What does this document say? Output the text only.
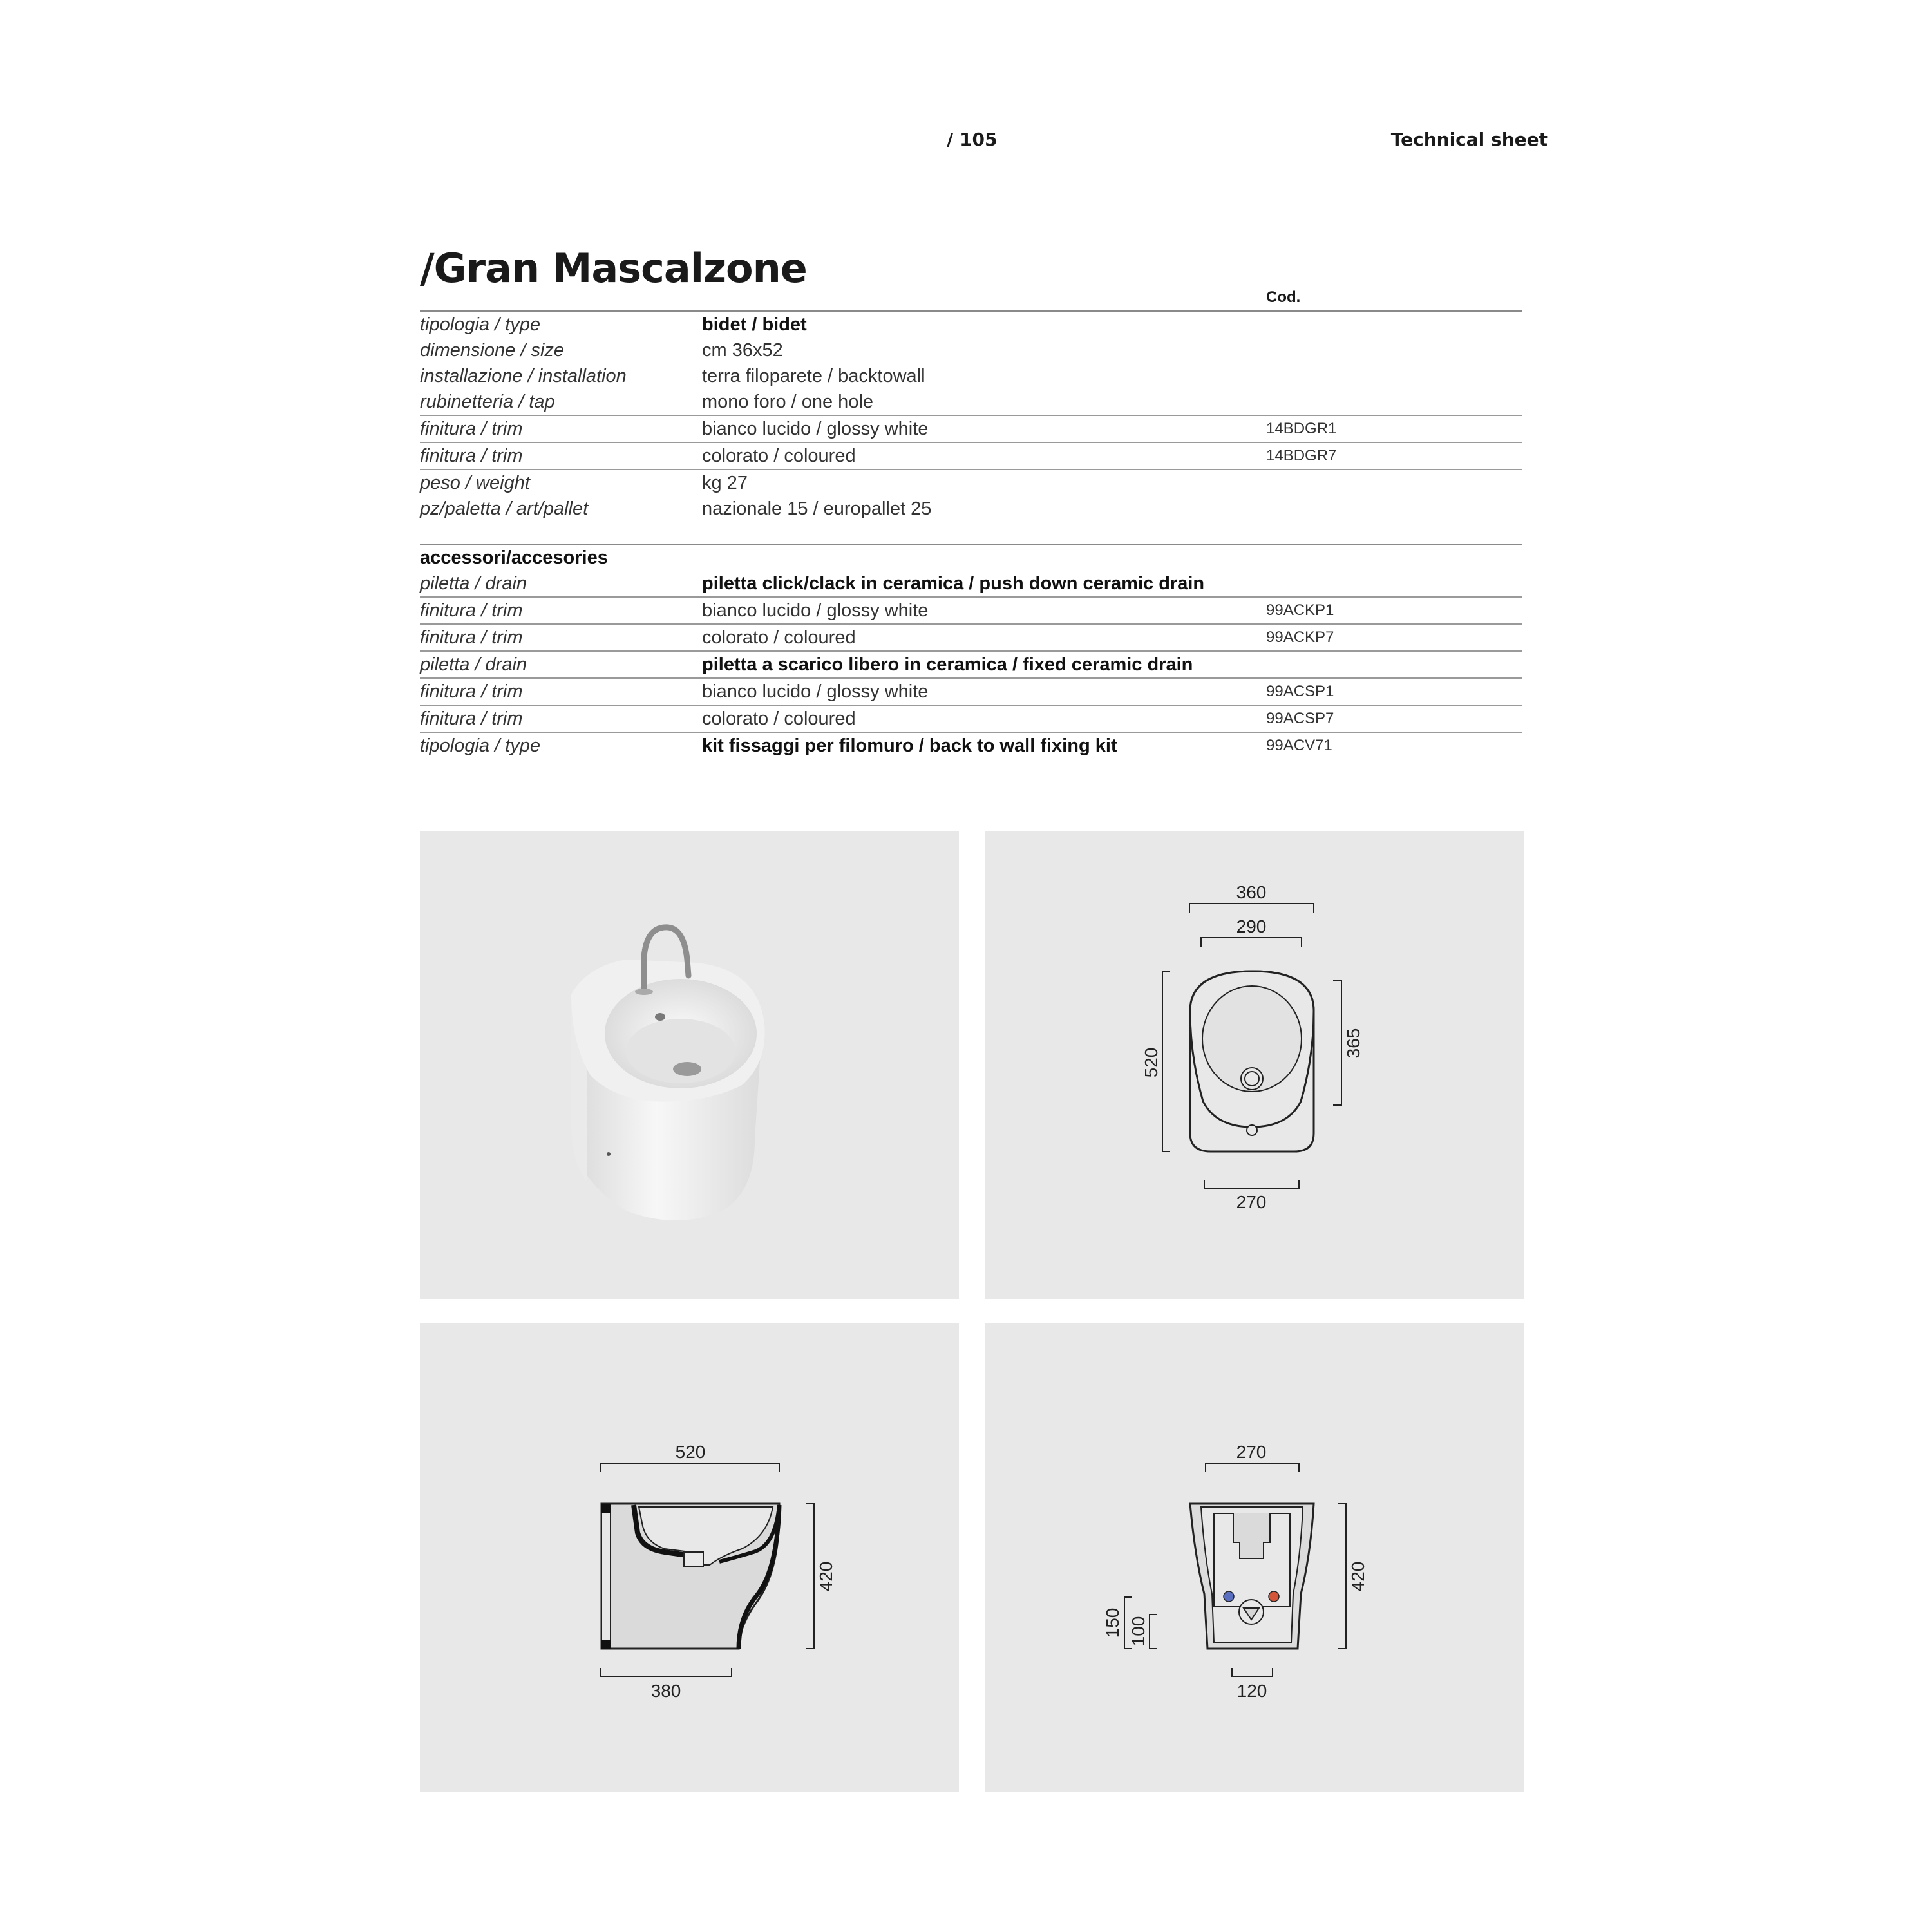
/ 105	Technical sheet
/Gran Mascalzone
Cod.
tipologia / type	bidet / bidet
dimensione / size	cm 36x52
installazione / installation	terra filoparete / backtowall
rubinetteria / tap	mono foro / one hole
finitura / trim	bianco lucido / glossy white	14BDGR1
finitura / trim	colorato / coloured	14BDGR7
peso / weight	kg 27
pz/paletta / art/pallet	nazionale 15 / europallet 25
accessori/accesories
piletta / drain	piletta click/clack in ceramica / push down ceramic drain
finitura / trim	bianco lucido / glossy white	99ACKP1
finitura / trim	colorato / coloured	99ACKP7
piletta / drain	piletta a scarico libero in ceramica / fixed ceramic drain
finitura / trim	bianco lucido / glossy white	99ACSP1
finitura / trim	colorato / coloured	99ACSP7
tipologia / type	kit fissaggi per filomuro / back to wall fixing kit	99ACV71
360
290
520
365
270
520
420
380
270
420
150 100
120
